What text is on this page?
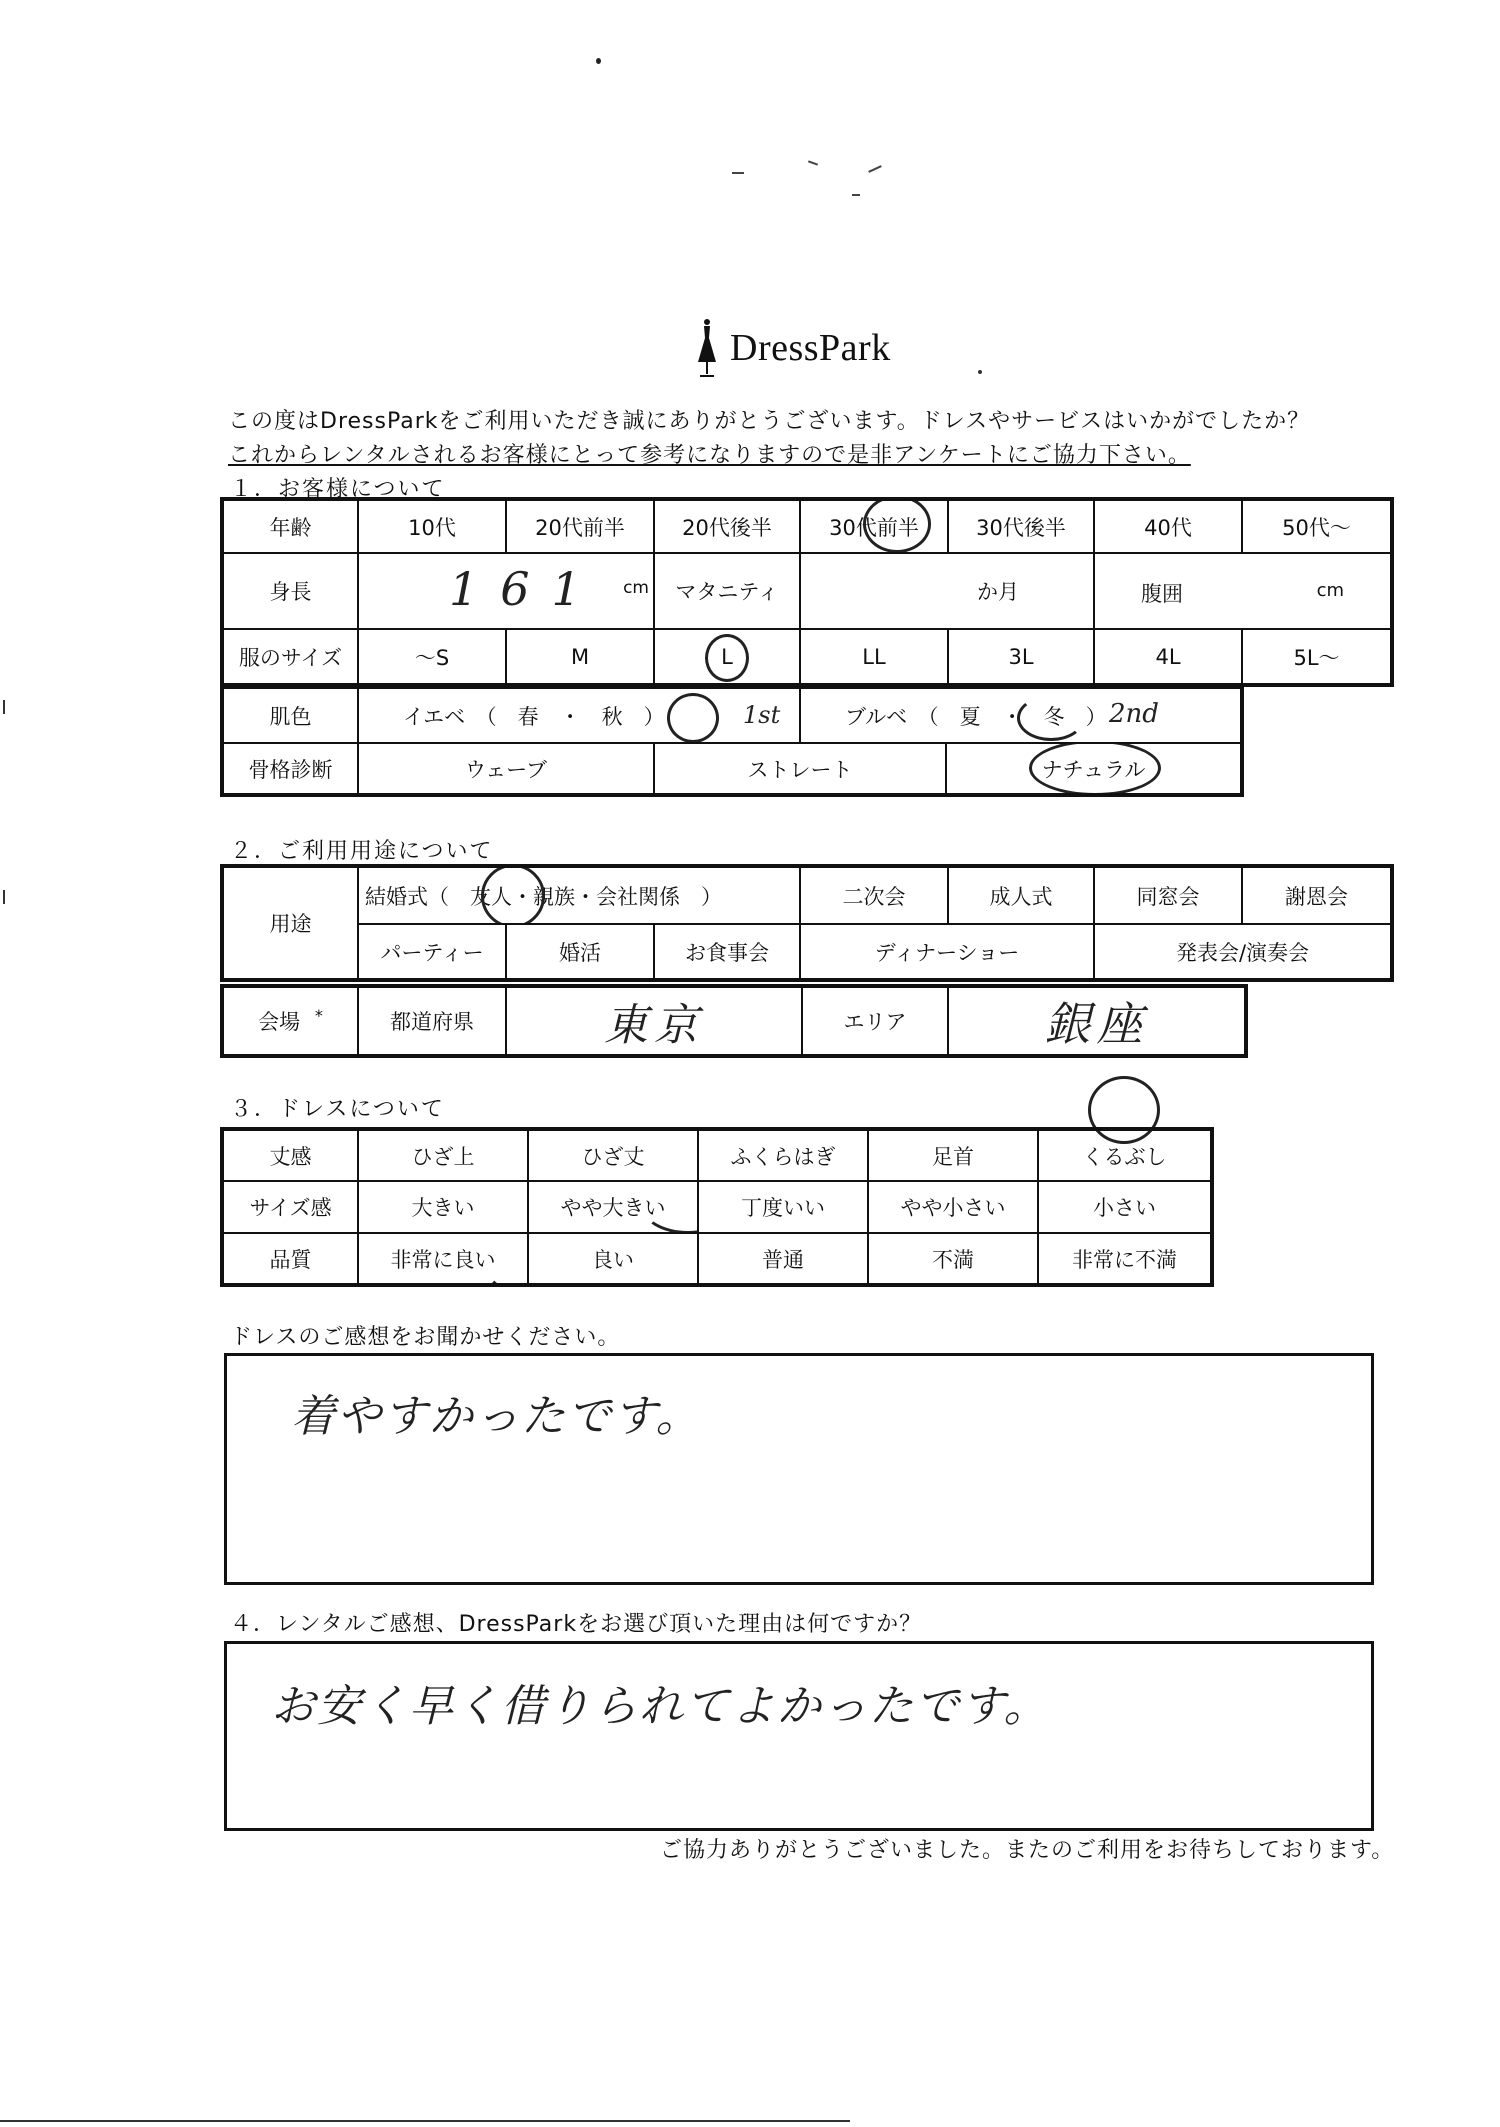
DressPark
この度はDressParkをご利用いただき誠にありがとうございます。ドレスやサービスはいかがでしたか？
これからレンタルされるお客様にとって参考になりますので是非アンケートにご協力下さい。
１．お客様について
年齢	10代	20代前半	20代後半	30代前半	30代後半	40代	50代～
身長	161 cm		マタニティ	か月		腹囲 cm	

服のサイズ	～S	M	L	LL	3L	4L	5L～
肌色	イエベ　（　春　・　秋　） 1st		ブルベ　（　夏　・　冬　） 2nd	

骨格診断	ウェーブ	ストレート		ナチュラル
２．ご利用用途について
用途	結婚式（　友人・親族・会社関係　）			二次会	成人式	同窓会	謝恩会
	パーティー	婚活	お食事会	ディナーショー		発表会/演奏会	
会場 *	都道府県	東京	エリア	銀座
３．ドレスについて
丈感	ひざ上	ひざ丈	ふくらはぎ	足首	くるぶし
サイズ感	大きい	やや大きい	丁度いい	やや小さい	小さい
品質	非常に良い	良い	普通	不満	非常に不満
ドレスのご感想をお聞かせください。
着やすかったです。
４．レンタルご感想、DressParkをお選び頂いた理由は何ですか？
お安く早く借りられてよかったです。
ご協力ありがとうございました。またのご利用をお待ちしております。
